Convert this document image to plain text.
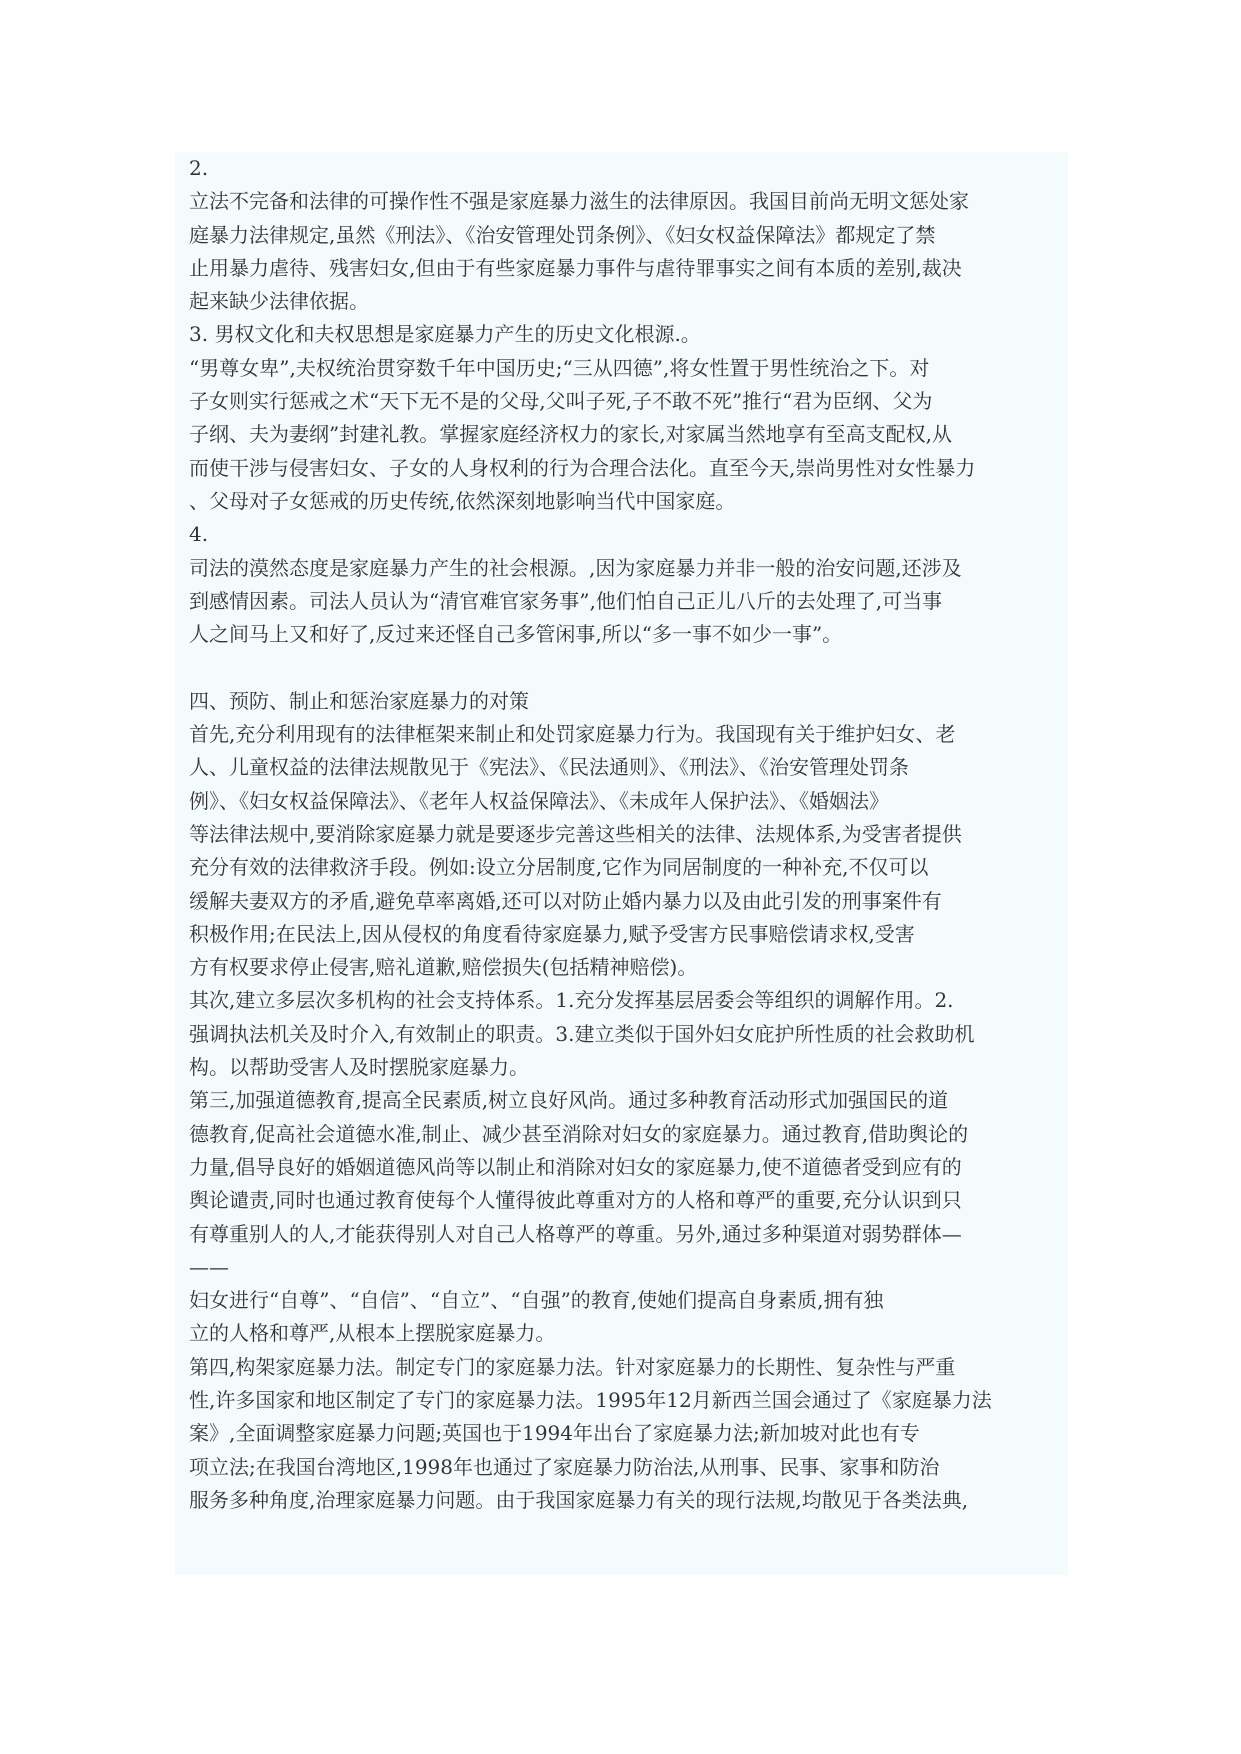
2.
立法不完备和法律的可操作性不强是家庭暴力滋生的法律原因。我国目前尚无明文惩处家
庭暴力法律规定,虽然《刑法》、《治安管理处罚条例》、《妇女权益保障法》都规定了禁
止用暴力虐待、残害妇女,但由于有些家庭暴力事件与虐待罪事实之间有本质的差别,裁决
起来缺少法律依据。
3. 男权文化和夫权思想是家庭暴力产生的历史文化根源.。
“男尊女卑”,夫权统治贯穿数千年中国历史;“三从四德”,将女性置于男性统治之下。对
子女则实行惩戒之术“天下无不是的父母,父叫子死,子不敢不死”推行“君为臣纲、父为
子纲、夫为妻纲”封建礼教。掌握家庭经济权力的家长,对家属当然地享有至高支配权,从
而使干涉与侵害妇女、子女的人身权利的行为合理合法化。直至今天,崇尚男性对女性暴力
、父母对子女惩戒的历史传统,依然深刻地影响当代中国家庭。
4.
司法的漠然态度是家庭暴力产生的社会根源。,因为家庭暴力并非一般的治安问题,还涉及
到感情因素。司法人员认为“清官难官家务事”,他们怕自己正儿八斤的去处理了,可当事
人之间马上又和好了,反过来还怪自己多管闲事,所以“多一事不如少一事”。
四、预防、制止和惩治家庭暴力的对策
首先,充分利用现有的法律框架来制止和处罚家庭暴力行为。我国现有关于维护妇女、老
人、儿童权益的法律法规散见于《宪法》、《民法通则》、《刑法》、《治安管理处罚条
例》、《妇女权益保障法》、《老年人权益保障法》、《未成年人保护法》、《婚姻法》
等法律法规中,要消除家庭暴力就是要逐步完善这些相关的法律、法规体系,为受害者提供
充分有效的法律救济手段。例如:设立分居制度,它作为同居制度的一种补充,不仅可以
缓解夫妻双方的矛盾,避免草率离婚,还可以对防止婚内暴力以及由此引发的刑事案件有
积极作用;在民法上,因从侵权的角度看待家庭暴力,赋予受害方民事赔偿请求权,受害
方有权要求停止侵害,赔礼道歉,赔偿损失(包括精神赔偿)。
其次,建立多层次多机构的社会支持体系。1.充分发挥基层居委会等组织的调解作用。2.
强调执法机关及时介入,有效制止的职责。3.建立类似于国外妇女庇护所性质的社会救助机
构。以帮助受害人及时摆脱家庭暴力。
第三,加强道德教育,提高全民素质,树立良好风尚。通过多种教育活动形式加强国民的道
德教育,促高社会道德水准,制止、减少甚至消除对妇女的家庭暴力。通过教育,借助舆论的
力量,倡导良好的婚姻道德风尚等以制止和消除对妇女的家庭暴力,使不道德者受到应有的
舆论谴责,同时也通过教育使每个人懂得彼此尊重对方的人格和尊严的重要,充分认识到只
有尊重别人的人,才能获得别人对自己人格尊严的尊重。另外,通过多种渠道对弱势群体—
——
妇女进行“自尊”、“自信”、“自立”、“自强”的教育,使她们提高自身素质,拥有独
立的人格和尊严,从根本上摆脱家庭暴力。
第四,构架家庭暴力法。制定专门的家庭暴力法。针对家庭暴力的长期性、复杂性与严重
性,许多国家和地区制定了专门的家庭暴力法。1995年12月新西兰国会通过了《家庭暴力法
案》,全面调整家庭暴力问题;英国也于1994年出台了家庭暴力法;新加坡对此也有专
项立法;在我国台湾地区,1998年也通过了家庭暴力防治法,从刑事、民事、家事和防治
服务多种角度,治理家庭暴力问题。由于我国家庭暴力有关的现行法规,均散见于各类法典,
